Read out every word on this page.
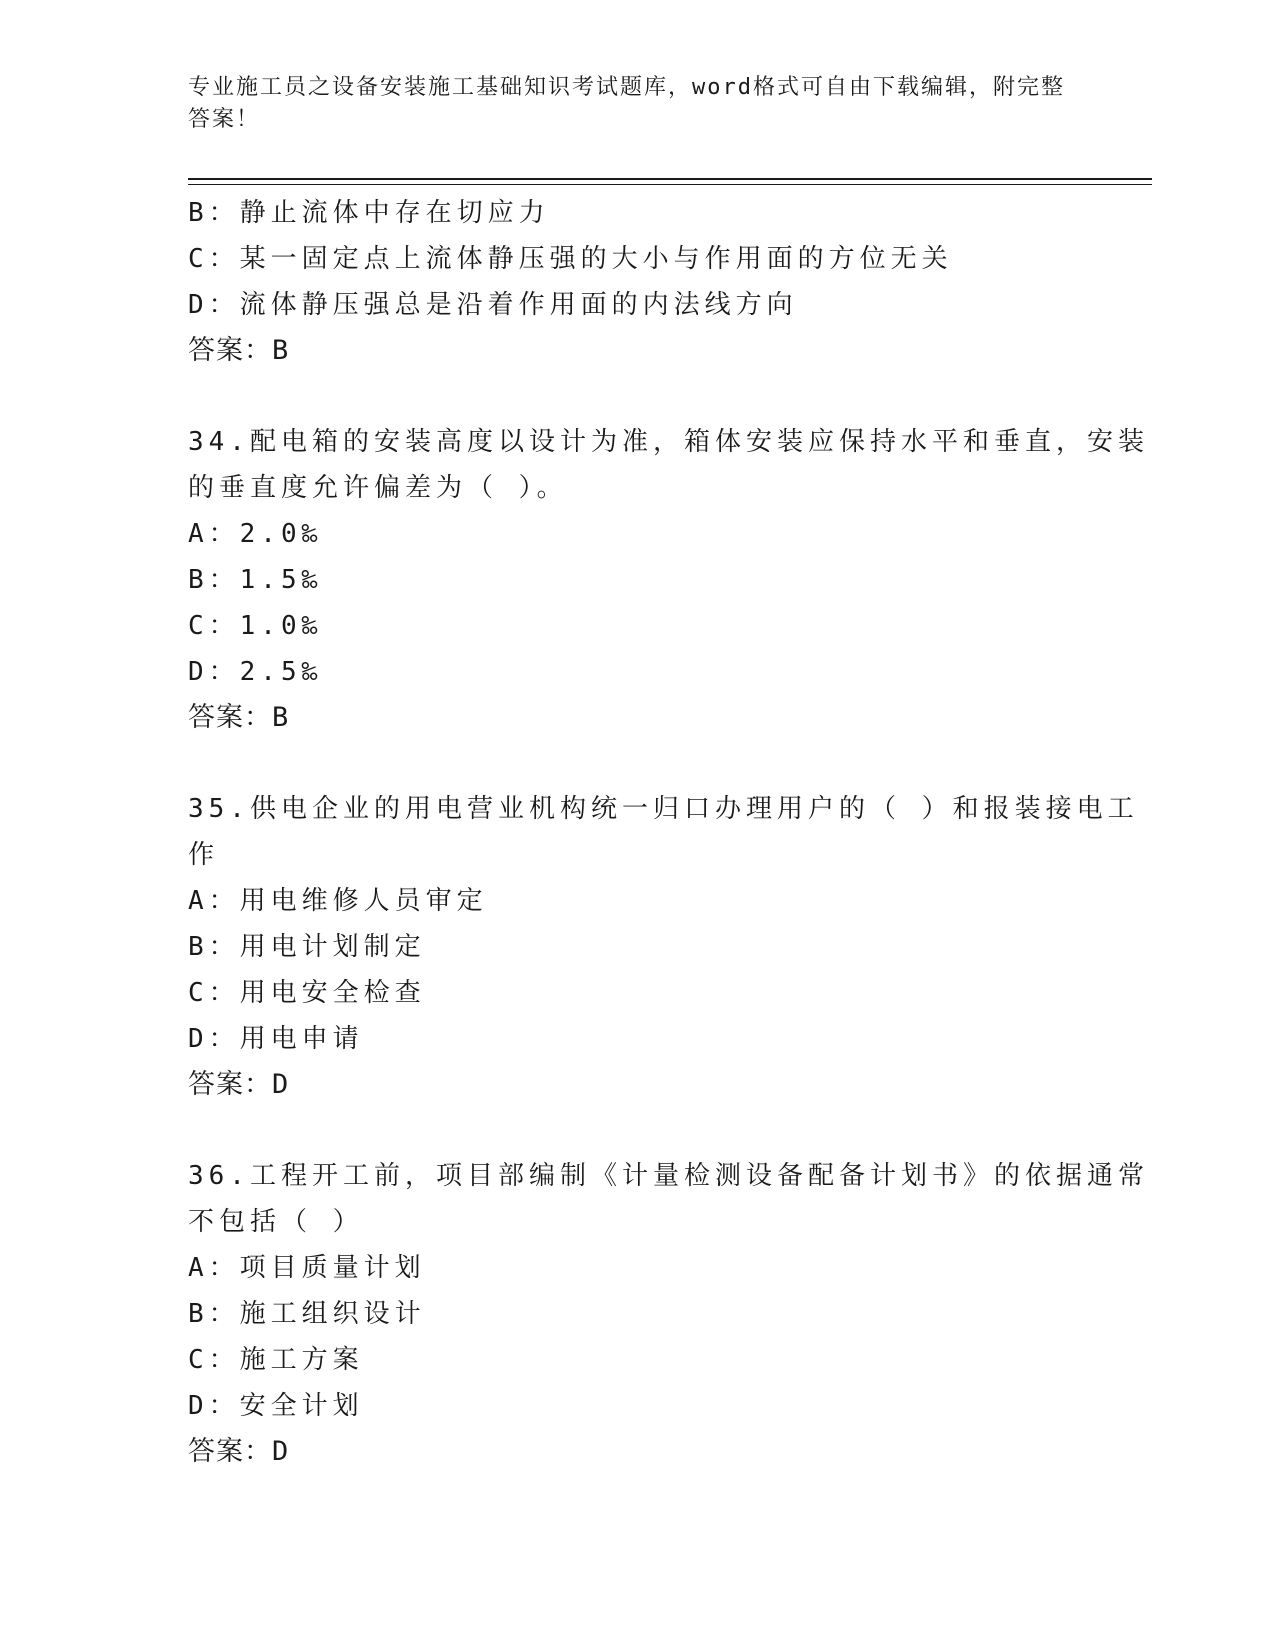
专业施工员之设备安装施工基础知识考试题库，word格式可自由下载编辑，附完整答案！
B：静止流体中存在切应力
C：某一固定点上流体静压强的大小与作用面的方位无关
D：流体静压强总是沿着作用面的内法线方向
答案：B
34.配电箱的安装高度以设计为准，箱体安装应保持水平和垂直，安装
的垂直度允许偏差为（ ）。
A：2.0‰
B：1.5‰
C：1.0‰
D：2.5‰
答案：B
35.供电企业的用电营业机构统一归口办理用户的（ ）和报装接电工
作
A：用电维修人员审定
B：用电计划制定
C：用电安全检查
D：用电申请
答案：D
36.工程开工前，项目部编制《计量检测设备配备计划书》的依据通常
不包括（ ）
A：项目质量计划
B：施工组织设计
C：施工方案
D：安全计划
答案：D
